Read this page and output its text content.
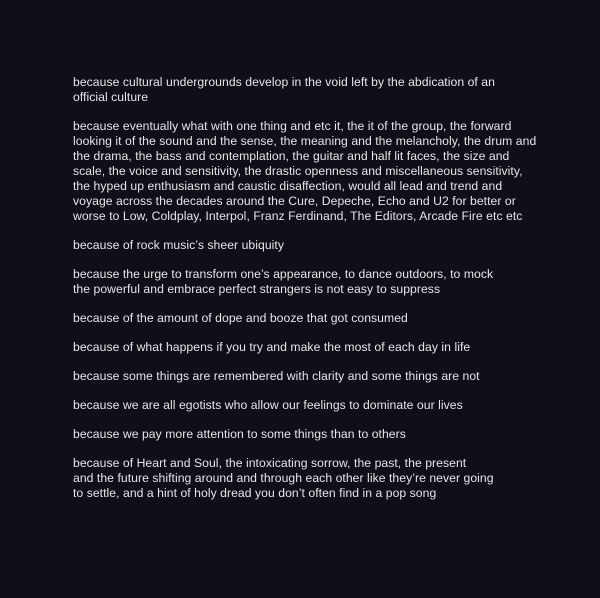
because cultural undergrounds develop in the void left by the abdication of an
official culture

because eventually what with one thing and etc it, the it of the group, the forward
looking it of the sound and the sense, the meaning and the melancholy, the drum and
the drama, the bass and contemplation, the guitar and half lit faces, the size and
scale, the voice and sensitivity, the drastic openness and miscellaneous sensitivity,
the hyped up enthusiasm and caustic disaffection, would all lead and trend and
voyage across the decades around the Cure, Depeche, Echo and U2 for better or
worse to Low, Coldplay, Interpol, Franz Ferdinand, The Editors, Arcade Fire etc etc

because of rock music’s sheer ubiquity

because the urge to transform one’s appearance, to dance outdoors, to mock
the powerful and embrace perfect strangers is not easy to suppress

because of the amount of dope and booze that got consumed

because of what happens if you try and make the most of each day in life

because some things are remembered with clarity and some things are not

because we are all egotists who allow our feelings to dominate our lives

because we pay more attention to some things than to others

because of Heart and Soul, the intoxicating sorrow, the past, the present
and the future shifting around and through each other like they’re never going
to settle, and a hint of holy dread you don’t often find in a pop song
